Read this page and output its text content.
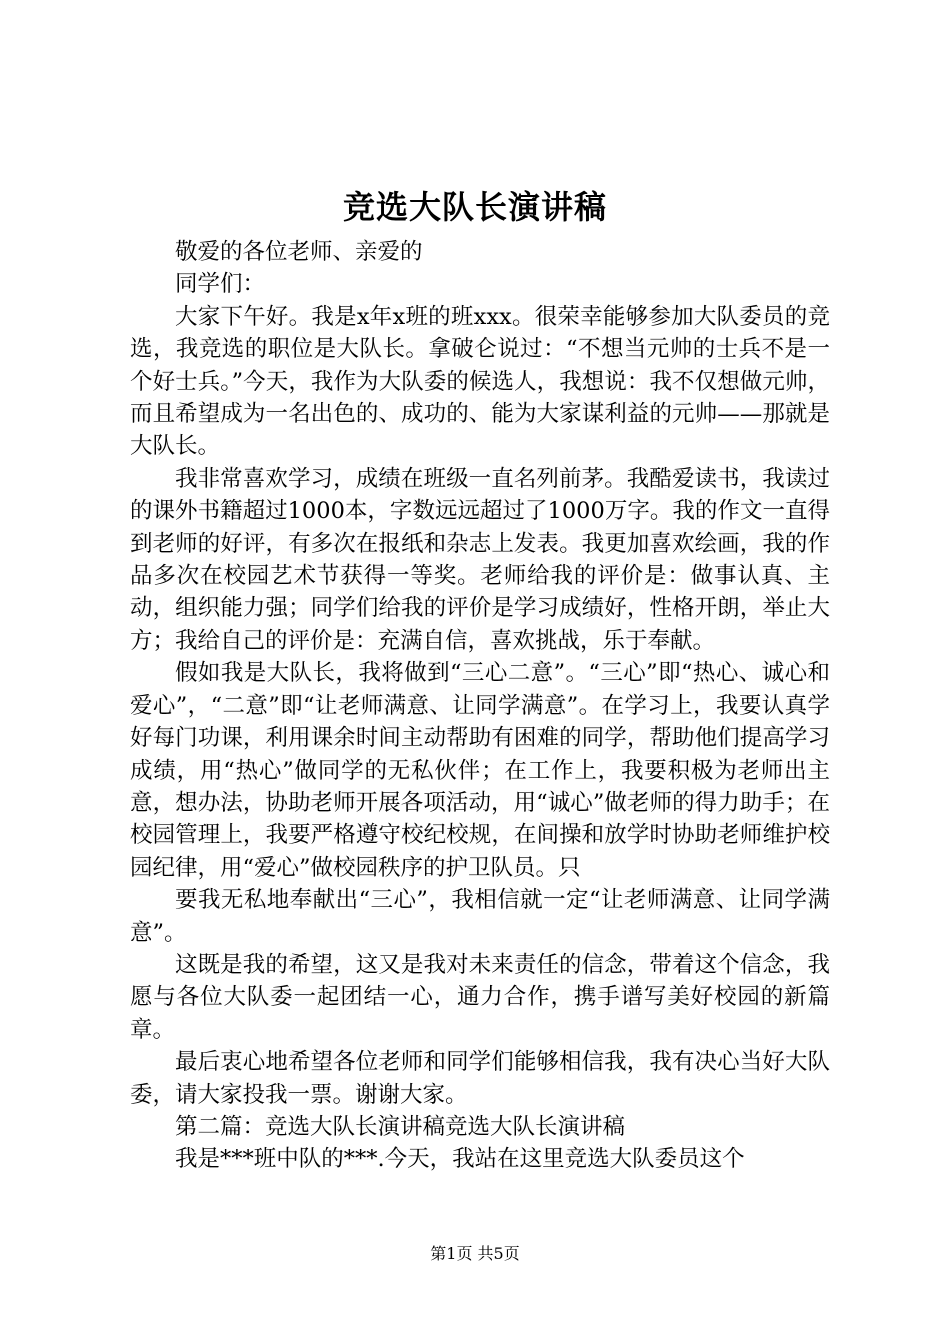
竞选大队长演讲稿

敬爱的各位老师、亲爱的

同学们：

大家下午好。我是x年x班的班xxx。很荣幸能够参加大队委员的竞选，我竞选的职位是大队长。拿破仑说过：“不想当元帅的士兵不是一个好士兵。”今天，我作为大队委的候选人，我想说：我不仅想做元帅，而且希望成为一名出色的、成功的、能为大家谋利益的元帅——那就是大队长。

我非常喜欢学习，成绩在班级一直名列前茅。我酷爱读书，我读过的课外书籍超过1000本，字数远远超过了1000万字。我的作文一直得到老师的好评，有多次在报纸和杂志上发表。我更加喜欢绘画，我的作品多次在校园艺术节获得一等奖。老师给我的评价是：做事认真、主动，组织能力强；同学们给我的评价是学习成绩好，性格开朗，举止大方；我给自己的评价是：充满自信，喜欢挑战，乐于奉献。

假如我是大队长，我将做到“三心二意”。“三心”即“热心、诚心和爱心”，“二意”即“让老师满意、让同学满意”。在学习上，我要认真学好每门功课，利用课余时间主动帮助有困难的同学，帮助他们提高学习成绩，用“热心”做同学的无私伙伴；在工作上，我要积极为老师出主意，想办法，协助老师开展各项活动，用“诚心”做老师的得力助手；在校园管理上，我要严格遵守校纪校规，在间操和放学时协助老师维护校园纪律，用“爱心”做校园秩序的护卫队员。只

要我无私地奉献出“三心”，我相信就一定“让老师满意、让同学满意”。

这既是我的希望，这又是我对未来责任的信念，带着这个信念，我愿与各位大队委一起团结一心，通力合作，携手谱写美好校园的新篇章。

最后衷心地希望各位老师和同学们能够相信我，我有决心当好大队委，请大家投我一票。谢谢大家。

第二篇：竞选大队长演讲稿竞选大队长演讲稿

我是***班中队的***.今天，我站在这里竞选大队委员这个

第1页 共5页
